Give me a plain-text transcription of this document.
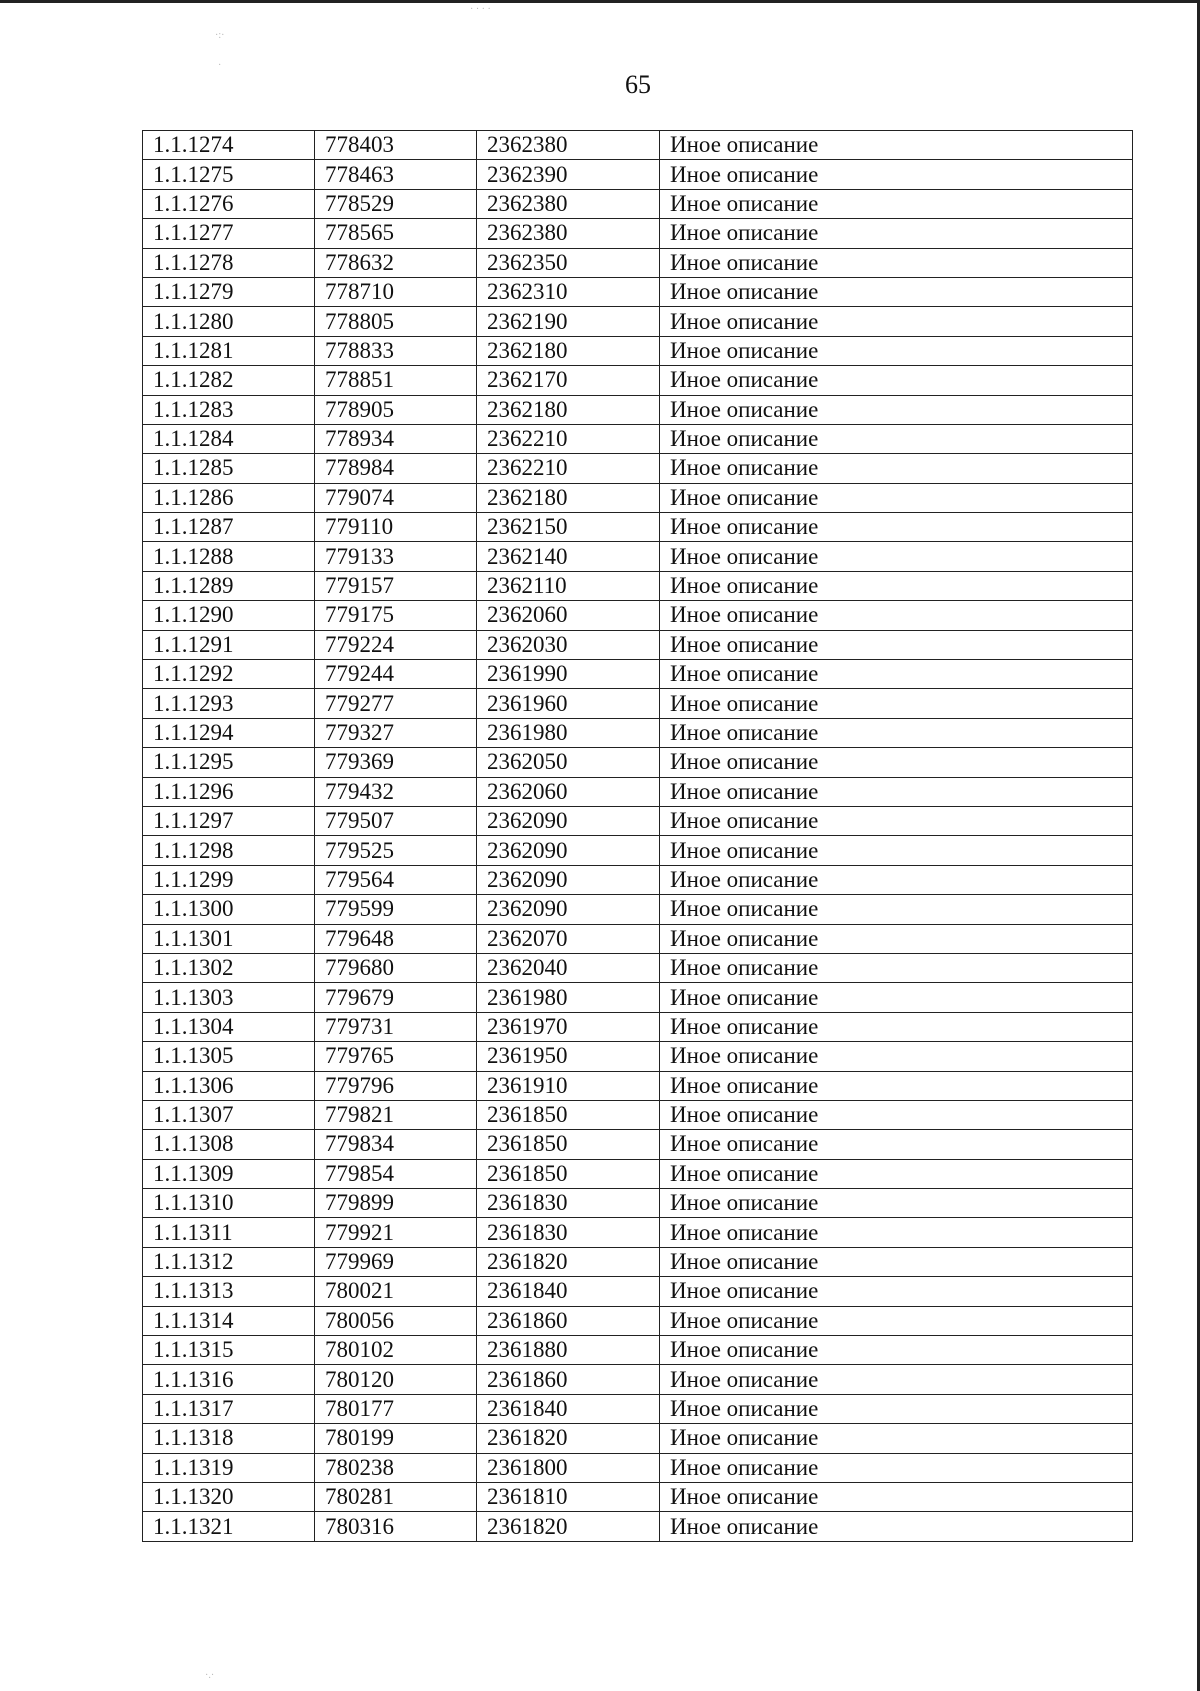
65
·:·
·
· · · ·
·.·
1.1.1274	778403	2362380	Иное описание
1.1.1275	778463	2362390	Иное описание
1.1.1276	778529	2362380	Иное описание
1.1.1277	778565	2362380	Иное описание
1.1.1278	778632	2362350	Иное описание
1.1.1279	778710	2362310	Иное описание
1.1.1280	778805	2362190	Иное описание
1.1.1281	778833	2362180	Иное описание
1.1.1282	778851	2362170	Иное описание
1.1.1283	778905	2362180	Иное описание
1.1.1284	778934	2362210	Иное описание
1.1.1285	778984	2362210	Иное описание
1.1.1286	779074	2362180	Иное описание
1.1.1287	779110	2362150	Иное описание
1.1.1288	779133	2362140	Иное описание
1.1.1289	779157	2362110	Иное описание
1.1.1290	779175	2362060	Иное описание
1.1.1291	779224	2362030	Иное описание
1.1.1292	779244	2361990	Иное описание
1.1.1293	779277	2361960	Иное описание
1.1.1294	779327	2361980	Иное описание
1.1.1295	779369	2362050	Иное описание
1.1.1296	779432	2362060	Иное описание
1.1.1297	779507	2362090	Иное описание
1.1.1298	779525	2362090	Иное описание
1.1.1299	779564	2362090	Иное описание
1.1.1300	779599	2362090	Иное описание
1.1.1301	779648	2362070	Иное описание
1.1.1302	779680	2362040	Иное описание
1.1.1303	779679	2361980	Иное описание
1.1.1304	779731	2361970	Иное описание
1.1.1305	779765	2361950	Иное описание
1.1.1306	779796	2361910	Иное описание
1.1.1307	779821	2361850	Иное описание
1.1.1308	779834	2361850	Иное описание
1.1.1309	779854	2361850	Иное описание
1.1.1310	779899	2361830	Иное описание
1.1.1311	779921	2361830	Иное описание
1.1.1312	779969	2361820	Иное описание
1.1.1313	780021	2361840	Иное описание
1.1.1314	780056	2361860	Иное описание
1.1.1315	780102	2361880	Иное описание
1.1.1316	780120	2361860	Иное описание
1.1.1317	780177	2361840	Иное описание
1.1.1318	780199	2361820	Иное описание
1.1.1319	780238	2361800	Иное описание
1.1.1320	780281	2361810	Иное описание
1.1.1321	780316	2361820	Иное описание
